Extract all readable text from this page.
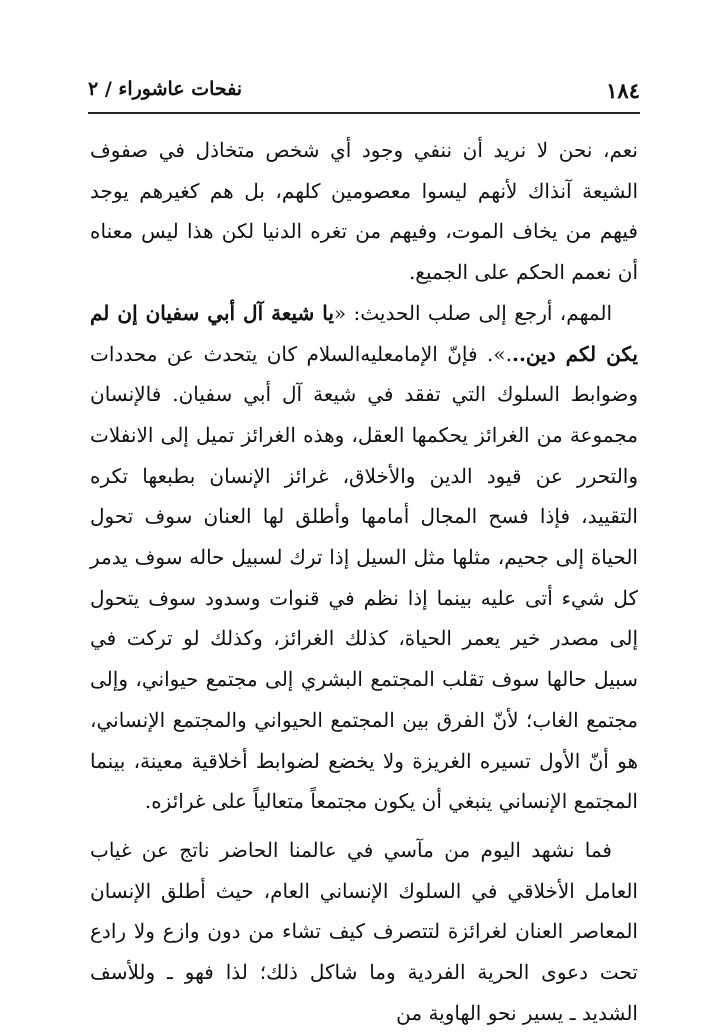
١٨٤
نفحات عاشوراء / ٢

نعم، نحن لا نريد أن ننفي وجود أي شخص متخاذل في صفوف الشيعة آنذاك لأنهم ليسوا معصومين كلهم، بل هم كغيرهم يوجد فيهم من يخاف الموت، وفيهم من تغره الدنيا لكن هذا ليس معناه أن نعمم الحكم على الجميع.

المهم، أرجع إلى صلب الحديث: «يا شيعة آل أبي سفيان إن لم يكن لكم دين...». فإنّ الإمامعليه‌السلام كان يتحدث عن محددات وضوابط السلوك التي تفقد في شيعة آل أبي سفيان. فالإنسان مجموعة من الغرائز يحكمها العقل، وهذه الغرائز تميل إلى الانفلات والتحرر عن قيود الدين والأخلاق، غرائز الإنسان بطبعها تكره التقييد، فإذا فسح المجال أمامها وأطلق لها العنان سوف تحول الحياة إلى جحيم، مثلها مثل السيل إذا ترك لسبيل حاله سوف يدمر كل شيء أتى عليه بينما إذا نظم في قنوات وسدود سوف يتحول إلى مصدر خير يعمر الحياة، كذلك الغرائز، وكذلك لو تركت في سبيل حالها سوف تقلب المجتمع البشري إلى مجتمع حيواني، وإلى مجتمع الغاب؛ لأنّ الفرق بين المجتمع الحيواني والمجتمع الإنساني، هو أنّ الأول تسيره الغريزة ولا يخضع لضوابط أخلاقية معينة، بينما المجتمع الإنساني ينبغي أن يكون مجتمعاً متعالياً على غرائزه.

فما نشهد اليوم من مآسي في عالمنا الحاضر ناتج عن غياب العامل الأخلاقي في السلوك الإنساني العام، حيث أطلق الإنسان المعاصر العنان لغرائزة لتتصرف كيف تشاء من دون وازع ولا رادع تحت دعوى الحرية الفردية وما شاكل ذلك؛ لذا فهو ـ وللأسف الشديد ـ يسير نحو الهاوية من
